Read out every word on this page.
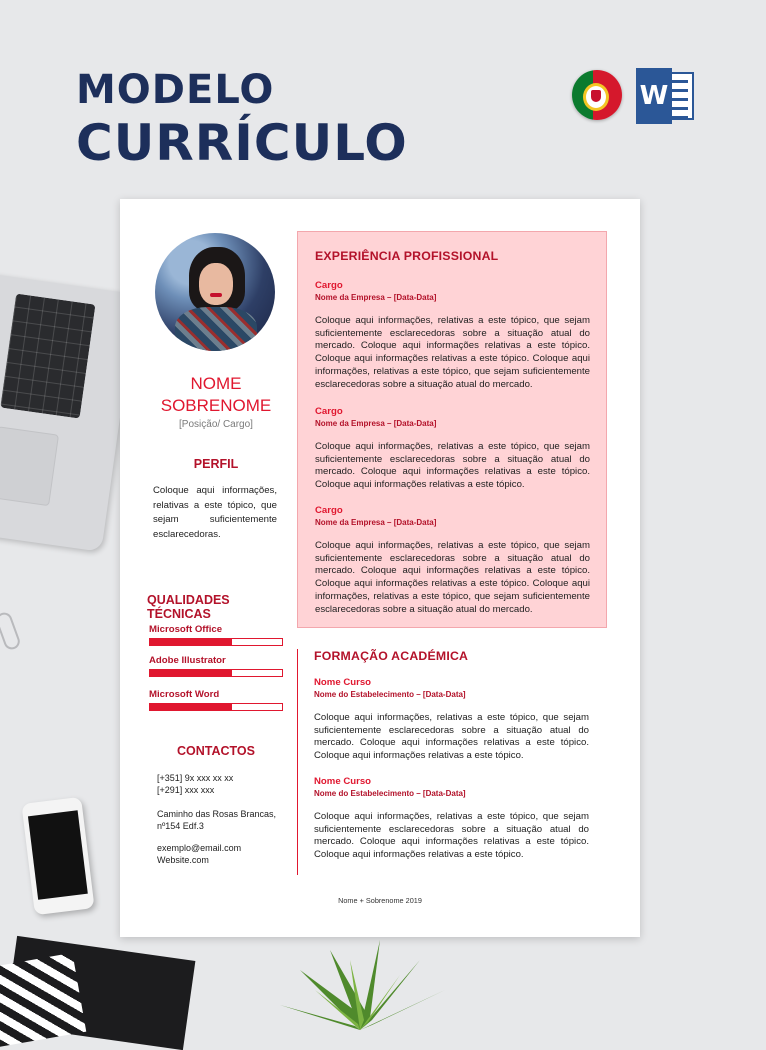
MODELO
CURRÍCULO
W
NOME
SOBRENOME
[Posição/ Cargo]
PERFIL
Coloque aqui informações, relativas a este tópico, que sejam suficientemente esclarecedoras.
QUALIDADES TÉCNICAS
Microsoft Office
Adobe Illustrator
Microsoft Word
CONTACTOS
[+351] 9x xxx xx xx
[+291] xxx xxx
Caminho das Rosas Brancas,
nº154 Edf.3
exemplo@email.com
Website.com
EXPERIÊNCIA PROFISSIONAL
Cargo
Nome da Empresa – [Data-Data]
Coloque aqui informações, relativas a este tópico, que sejam suficientemente esclarecedoras sobre a situação atual do mercado. Coloque aqui informações relativas a este tópico. Coloque aqui informações relativas a este tópico. Coloque aqui informações, relativas a este tópico, que sejam suficientemente esclarecedoras sobre a situação atual do mercado.
Cargo
Nome da Empresa – [Data-Data]
Coloque aqui informações, relativas a este tópico, que sejam suficientemente esclarecedoras sobre a situação atual do mercado. Coloque aqui informações relativas a este tópico. Coloque aqui informações relativas a este tópico.
Cargo
Nome da Empresa – [Data-Data]
Coloque aqui informações, relativas a este tópico, que sejam suficientemente esclarecedoras sobre a situação atual do mercado. Coloque aqui informações relativas a este tópico. Coloque aqui informações relativas a este tópico. Coloque aqui informações, relativas a este tópico, que sejam suficientemente esclarecedoras sobre a situação atual do mercado.
FORMAÇÃO ACADÉMICA
Nome Curso
Nome do Estabelecimento – [Data-Data]
Coloque aqui informações, relativas a este tópico, que sejam suficientemente esclarecedoras sobre a situação atual do mercado. Coloque aqui informações relativas a este tópico. Coloque aqui informações relativas a este tópico.
Nome Curso
Nome do Estabelecimento – [Data-Data]
Coloque aqui informações, relativas a este tópico, que sejam suficientemente esclarecedoras sobre a situação atual do mercado. Coloque aqui informações relativas a este tópico. Coloque aqui informações relativas a este tópico.
Nome + Sobrenome 2019
